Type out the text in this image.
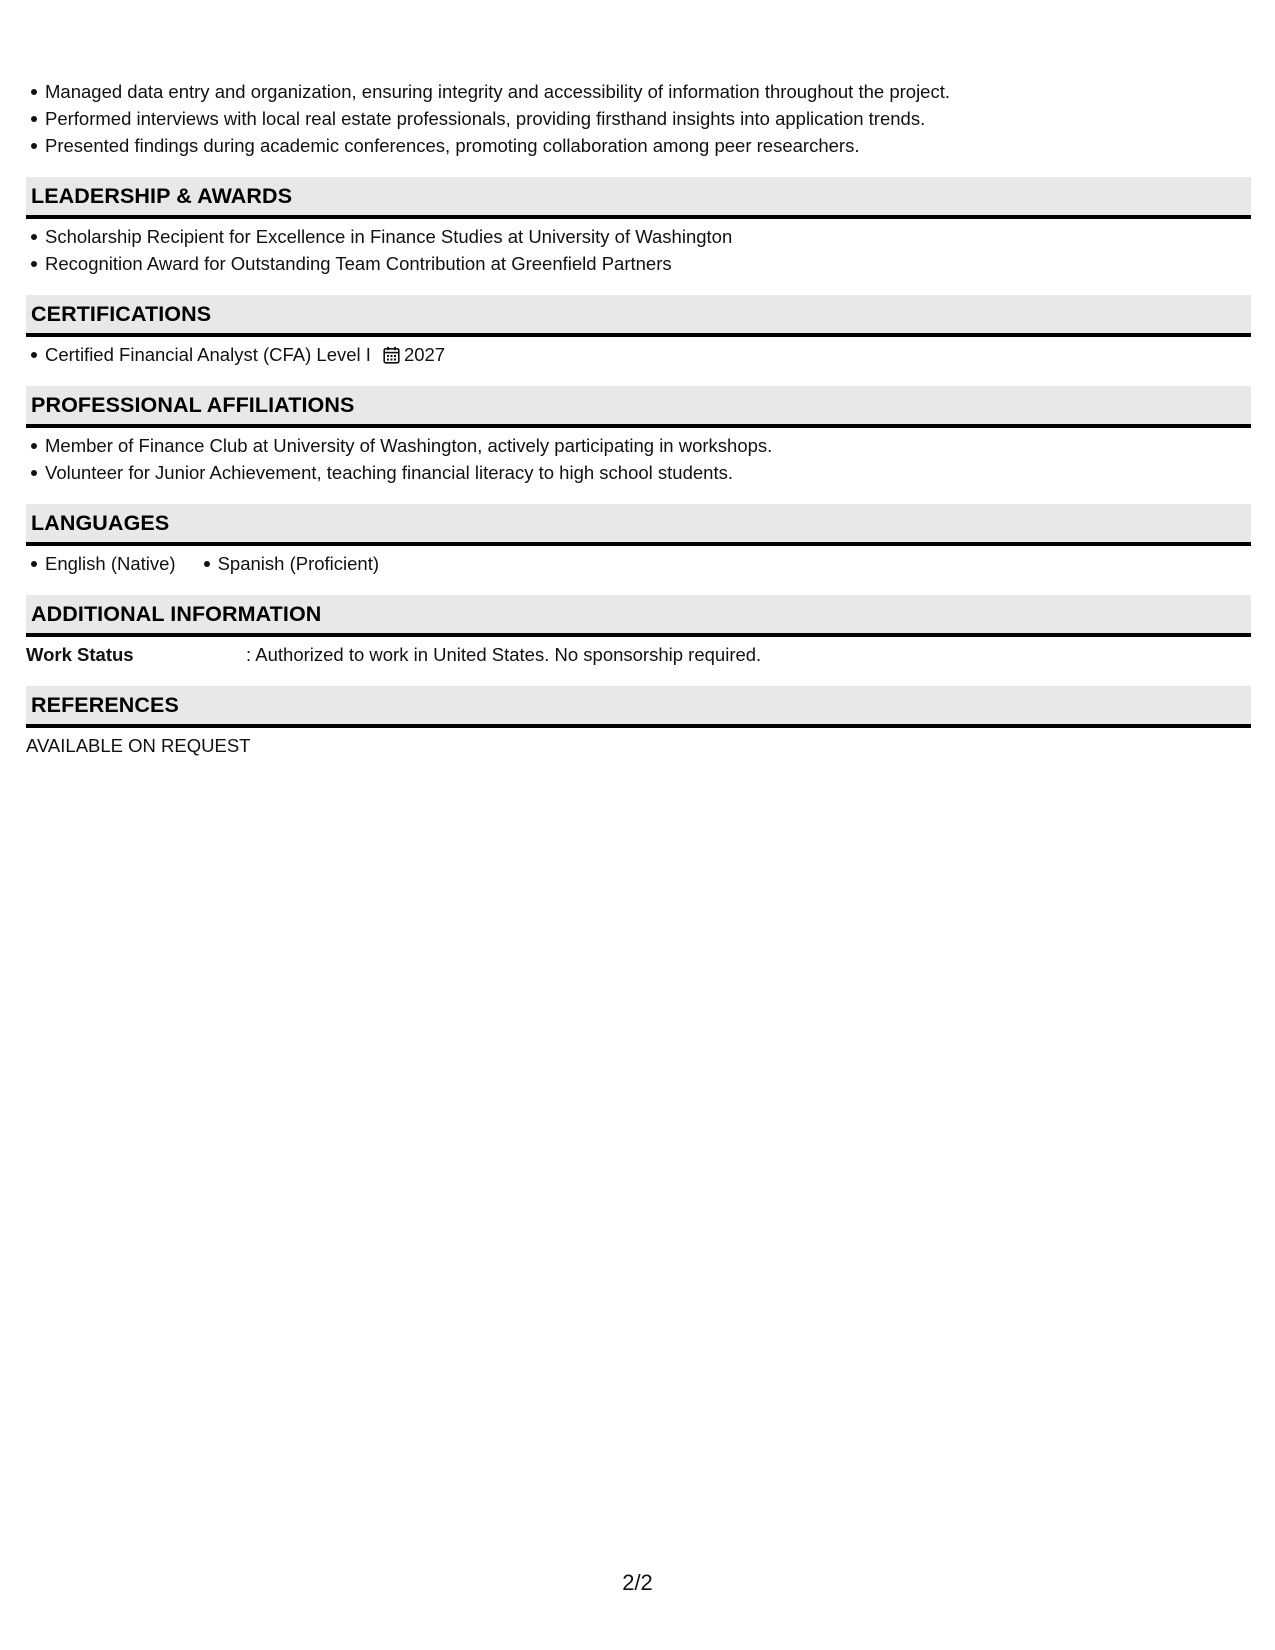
Managed data entry and organization, ensuring integrity and accessibility of information throughout the project.
Performed interviews with local real estate professionals, providing firsthand insights into application trends.
Presented findings during academic conferences, promoting collaboration among peer researchers.
LEADERSHIP & AWARDS
Scholarship Recipient for Excellence in Finance Studies at University of Washington
Recognition Award for Outstanding Team Contribution at Greenfield Partners
CERTIFICATIONS
Certified Financial Analyst (CFA) Level I 2027
PROFESSIONAL AFFILIATIONS
Member of Finance Club at University of Washington, actively participating in workshops.
Volunteer for Junior Achievement, teaching financial literacy to high school students.
LANGUAGES
English (Native) Spanish (Proficient)
ADDITIONAL INFORMATION
Work Status	: Authorized to work in United States. No sponsorship required.
REFERENCES
AVAILABLE ON REQUEST
2/2
